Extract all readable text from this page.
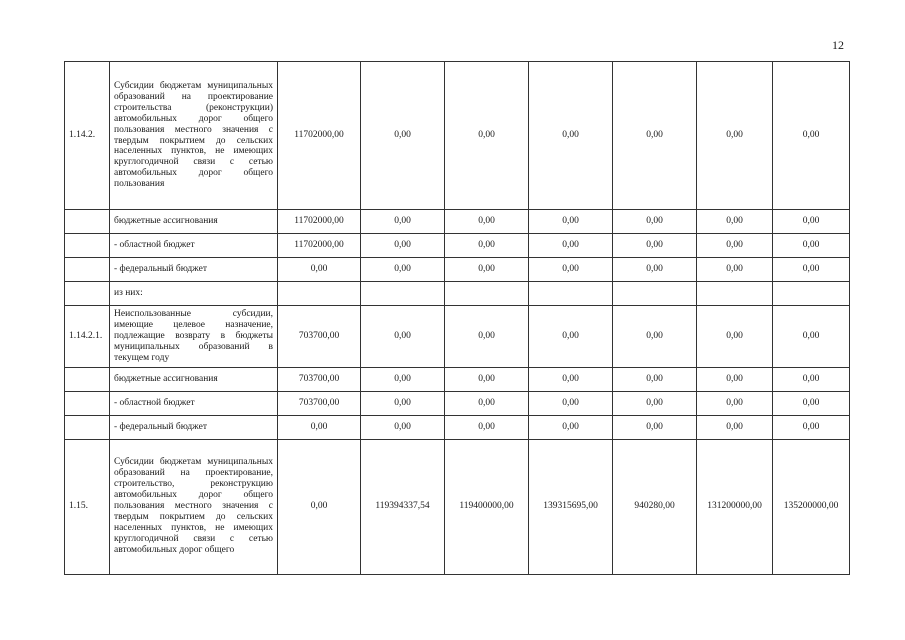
12
1.14.2.	Субсидии бюджетам муниципальных образований на проектирование строительства (реконструкции) автомобильных дорог общего пользования местного значения с твердым покрытием до сельских населенных пунктов, не имеющих круглогодичной связи с сетью автомобильных дорог общего пользования	11702000,00	0,00	0,00	0,00	0,00	0,00	0,00
	бюджетные ассигнования	11702000,00	0,00	0,00	0,00	0,00	0,00	0,00
	- областной бюджет	11702000,00	0,00	0,00	0,00	0,00	0,00	0,00
	- федеральный бюджет	0,00	0,00	0,00	0,00	0,00	0,00	0,00
	из них:							
1.14.2.1.	Неиспользованные субсидии, имеющие целевое назначение, подлежащие возврату в бюджеты муниципальных образований в текущем году	703700,00	0,00	0,00	0,00	0,00	0,00	0,00
	бюджетные ассигнования	703700,00	0,00	0,00	0,00	0,00	0,00	0,00
	- областной бюджет	703700,00	0,00	0,00	0,00	0,00	0,00	0,00
	- федеральный бюджет	0,00	0,00	0,00	0,00	0,00	0,00	0,00
1.15.	Субсидии бюджетам муниципальных образований на проектирование, строительство, реконструкцию автомобильных дорог общего пользования местного значения с твердым покрытием до сельских населенных пунктов, не имеющих круглогодичной связи с сетью автомобильных дорог общего	0,00	119394337,54	119400000,00	139315695,00	940280,00	131200000,00	135200000,00
